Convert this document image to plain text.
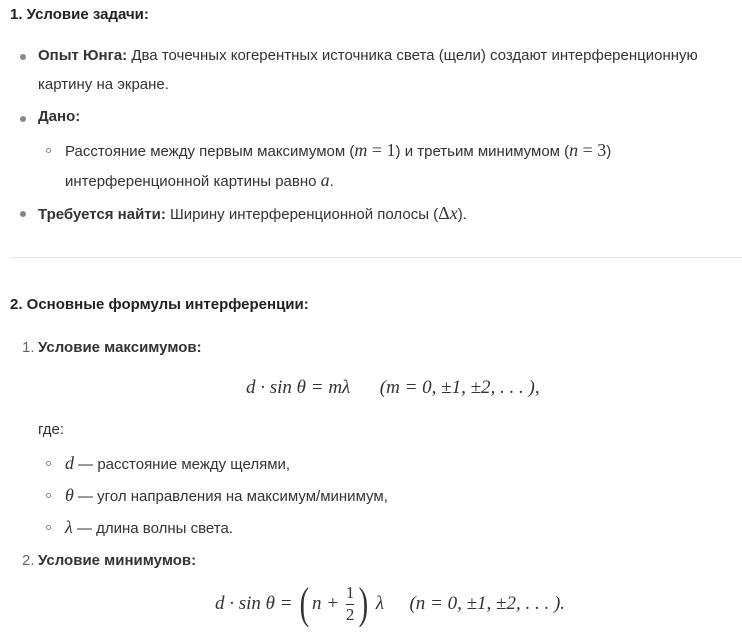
1. Условие задачи:
Опыт Юнга: Два точечных когерентных источника света (щели) создают интерференционную
картину на экране.
Дано:
Расстояние между первым максимумом (m = 1) и третьим минимумом (n = 3)
интерференционной картины равно a.
Требуется найти: Ширину интерференционной полосы (Δx).
2. Основные формулы интерференции:
1. Условие максимумов:
d · sin θ = mλ (m = 0, ±1, ±2, . . . ),
где:
d — расстояние между щелями,
θ — угол направления на максимум/минимум,
λ — длина волны света.
2. Условие минимумов:
d · sin θ = ( $n + \frac{1}{2}$ ) λ (n = 0, ±1, ±2, . . . ).
